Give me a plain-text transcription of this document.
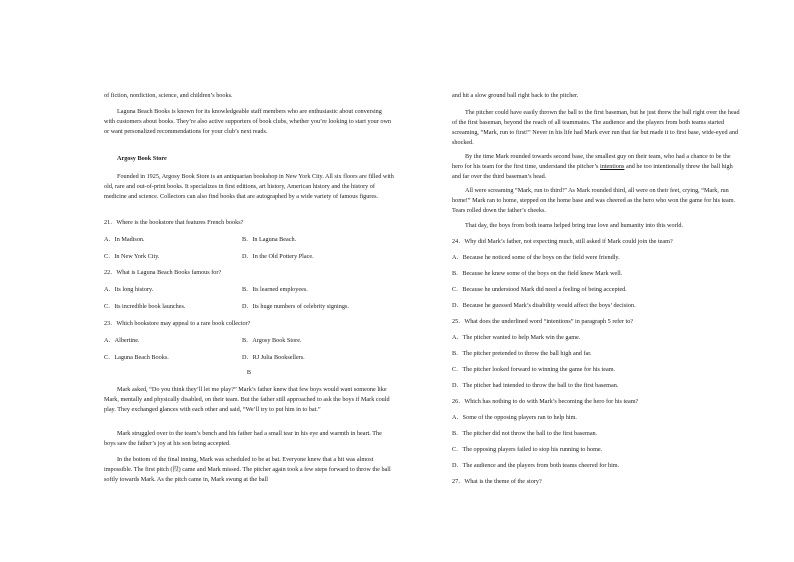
of fiction, nonfiction, science, and children’s books.
Laguna Beach Books is known for its knowledgeable staff members who are enthusiastic about conversing with customers about books. They’re also active supporters of book clubs, whether you’re looking to start your own or want personalized recommendations for your club’s next reads.
Argosy Book Store
Founded in 1925, Argosy Book Store is an antiquarian bookshop in New York City. All six floors are filled with old, rare and out-of-print books. It specializes in first editions, art history, American history and the history of medicine and science. Collectors can also find books that are autographed by a wide variety of famous figures.
21．Where is the bookstore that features French books?
A．In Madison.	B．In Laguna Beach.
C．In New York City.	D．In the Old Pottery Place.
22．What is Laguna Beach Books famous for?
A．Its long history.	B．Its learned employees.
C．Its incredible book launches.	D．Its huge numbers of celebrity signings.
23．Which bookstore may appeal to a rare book collector?
A．Albertine.	B．Argosy Book Store.
C．Laguna Beach Books.	D．RJ Julia Booksellers.
B
Mark asked, “Do you think they’ll let me play?” Mark’s father knew that few boys would want someone like Mark, mentally and physically disabled, on their team. But the father still approached to ask the boys if Mark could play. They exchanged glances with each other and said, “We’ll try to put him in to bat.”
Mark struggled over to the team’s bench and his father had a small tear in his eye and warmth in heart. The boys saw the father’s joy at his son being accepted.
In the bottom of the final inning, Mark was scheduled to be at bat. Everyone knew that a hit was almost impossible. The first pitch (投) came and Mark missed. The pitcher again took a few steps forward to throw the ball softly towards Mark. As the pitch came in, Mark swung at the ball
and hit a slow ground ball right back to the pitcher.
The pitcher could have easily thrown the ball to the first baseman, but he just threw the ball right over the head of the first baseman, beyond the reach of all teammates. The audience and the players from both teams started screaming, “Mark, run to first!” Never in his life had Mark ever run that far but made it to first base, wide-eyed and shocked.
By the time Mark rounded towards second base, the smallest guy on their team, who had a chance to be the hero for his team for the first time, understand the pitcher’s intentions and he too intentionally threw the ball high and far over the third baseman’s head.
All were screaming “Mark, run to third!” As Mark rounded third, all were on their feet, crying, “Mark, run home!” Mark ran to home, stepped on the home base and was cheered as the hero who won the game for his team. Tears rolled down the father’s cheeks.
That day, the boys from both teams helped bring true love and humanity into this world.
24．Why did Mark’s father, not expecting much, still asked if Mark could join the team?
A．Because he noticed some of the boys on the field were friendly.
B．Because he knew some of the boys on the field knew Mark well.
C．Because he understood Mark did need a feeling of being accepted.
D．Because he guessed Mark’s disability would affect the boys’ decision.
25．What does the underlined word “intentions” in paragraph 5 refer to?
A．The pitcher wanted to help Mark win the game.
B．The pitcher pretended to throw the ball high and far.
C．The pitcher looked forward to winning the game for his team.
D．The pitcher had intended to throw the ball to the first baseman.
26．Which has nothing to do with Mark’s becoming the hero for his team?
A．Some of the opposing players ran to help him.
B．The pitcher did not throw the ball to the first baseman.
C．The opposing players failed to stop his running to home.
D．The audience and the players from both teams cheered for him.
27．What is the theme of the story?
